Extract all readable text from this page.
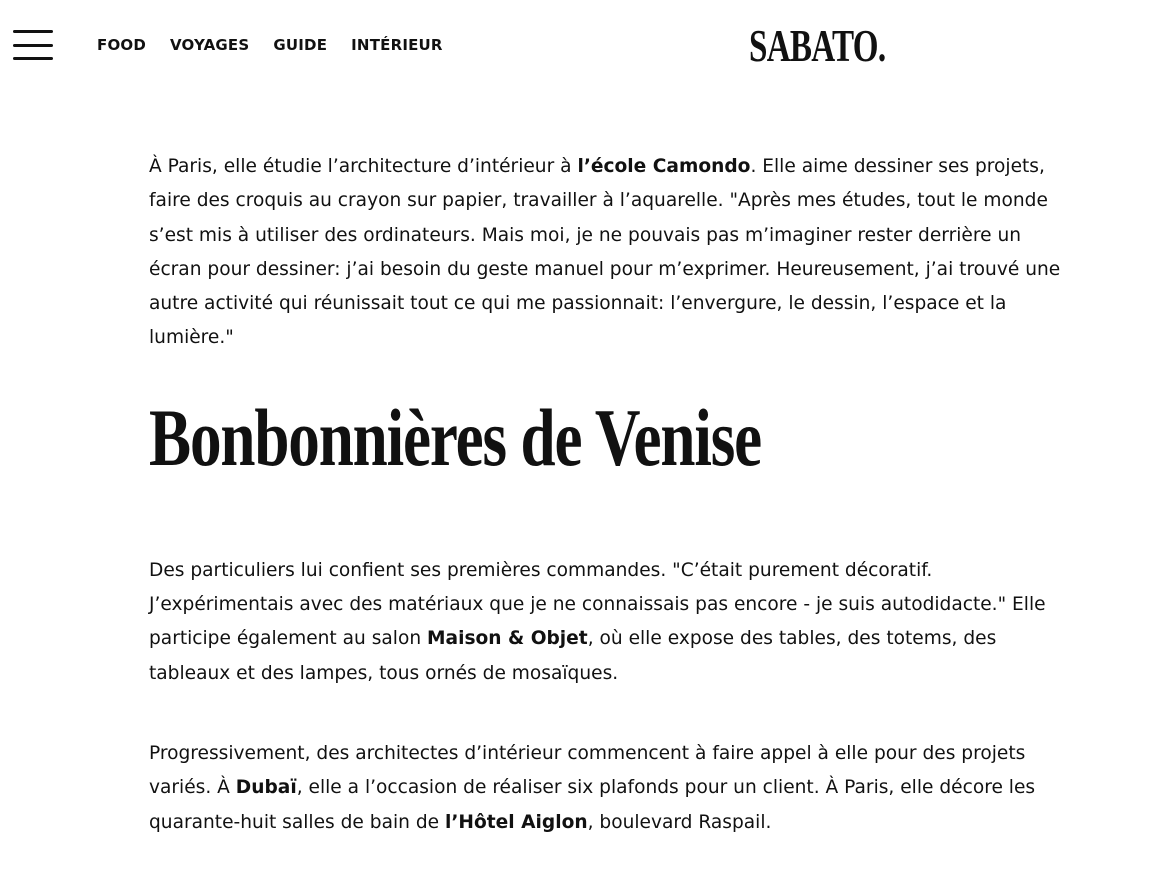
FOOD VOYAGES GUIDE INTÉRIEUR	SABATO.

À Paris, elle étudie l’architecture d’intérieur à l’école Camondo. Elle aime dessiner ses projets, faire des croquis au crayon sur papier, travailler à l’aquarelle. "Après mes études, tout le monde s’est mis à utiliser des ordinateurs. Mais moi, je ne pouvais pas m’imaginer rester derrière un écran pour dessiner: j’ai besoin du geste manuel pour m’exprimer. Heureusement, j’ai trouvé une autre activité qui réunissait tout ce qui me passionnait: l’envergure, le dessin, l’espace et la lumière."

Bonbonnières de Venise

Des particuliers lui confient ses premières commandes. "C’était purement décoratif. J’expérimentais avec des matériaux que je ne connaissais pas encore - je suis autodidacte." Elle participe également au salon Maison & Objet, où elle expose des tables, des totems, des tableaux et des lampes, tous ornés de mosaïques.

Progressivement, des architectes d’intérieur commencent à faire appel à elle pour des projets variés. À Dubaï, elle a l’occasion de réaliser six plafonds pour un client. À Paris, elle décore les quarante-huit salles de bain de l’Hôtel Aiglon, boulevard Raspail.
